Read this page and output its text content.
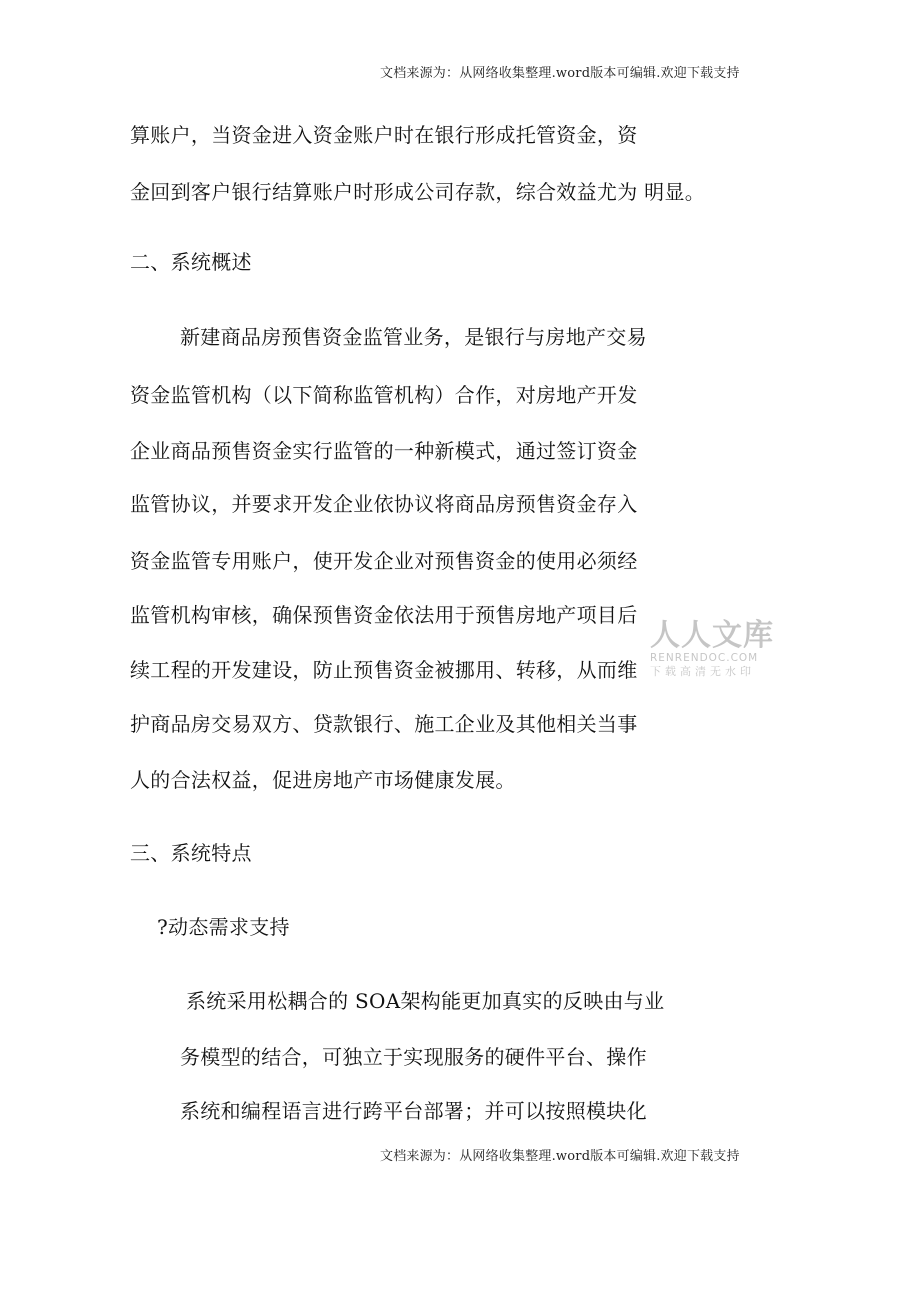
文档来源为：从网络收集整理.word版本可编辑.欢迎下载支持
算账户，当资金进入资金账户时在银行形成托管资金，资
金回到客户银行结算账户时形成公司存款，综合效益尤为 明显。
二、系统概述
新建商品房预售资金监管业务，是银行与房地产交易
资金监管机构（以下简称监管机构）合作，对房地产开发
企业商品预售资金实行监管的一种新模式，通过签订资金
监管协议，并要求开发企业依协议将商品房预售资金存入
资金监管专用账户，使开发企业对预售资金的使用必须经
监管机构审核，确保预售资金依法用于预售房地产项目后
续工程的开发建设，防止预售资金被挪用、转移，从而维
护商品房交易双方、贷款银行、施工企业及其他相关当事
人的合法权益，促进房地产市场健康发展。
三、系统特点
?动态需求支持
系统采用松耦合的 SOA架构能更加真实的反映由与业
务模型的结合，可独立于实现服务的硬件平台、操作
系统和编程语言进行跨平台部署；并可以按照模块化
文档来源为：从网络收集整理.word版本可编辑.欢迎下载支持
人人文库
RENRENDOC.COM
下载高清无水印
